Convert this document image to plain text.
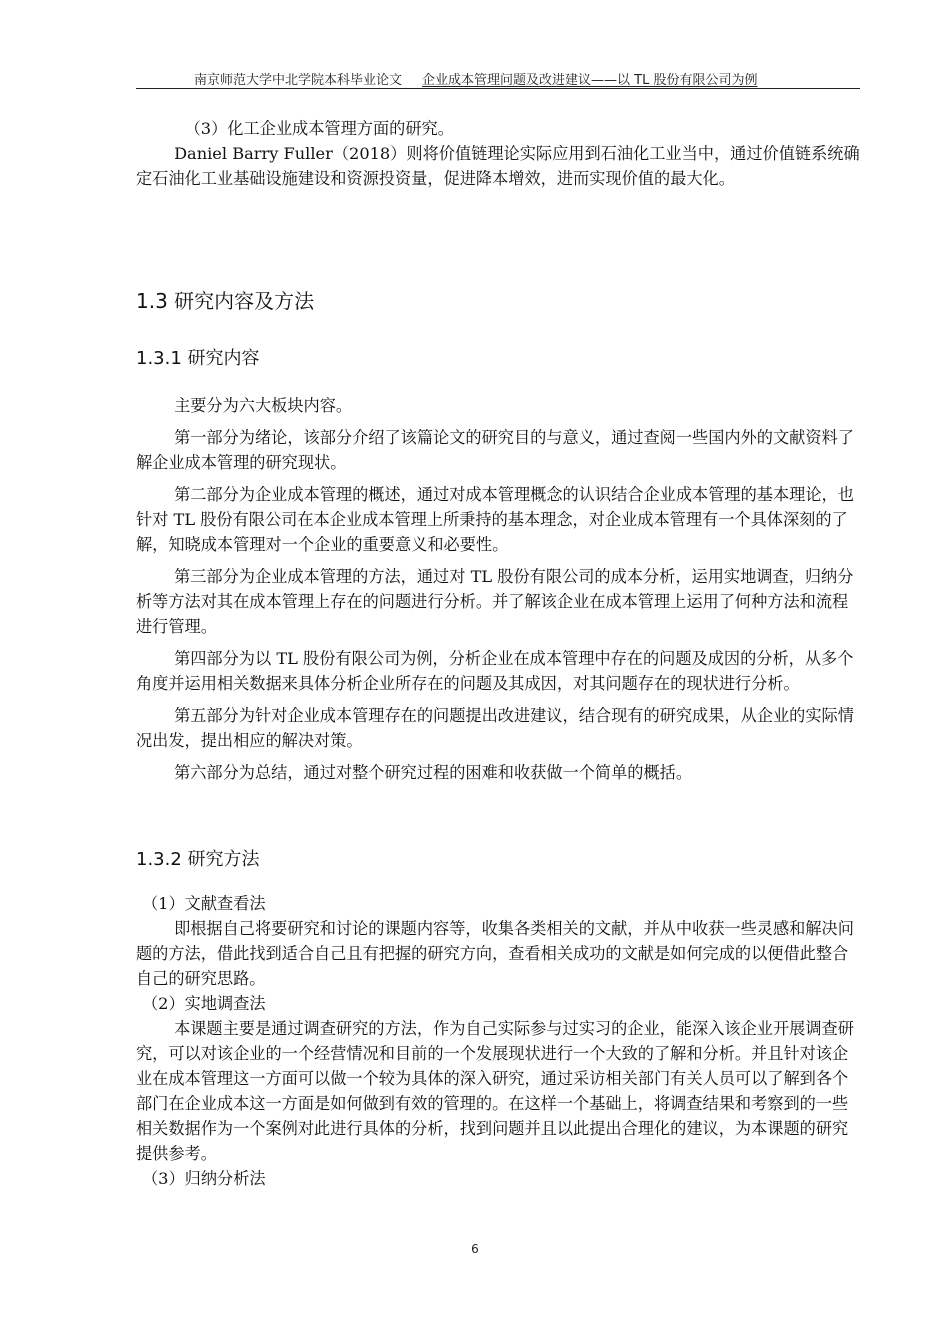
南京师范大学中北学院本科毕业论文 企业成本管理问题及改进建议——以 TL 股份有限公司为例

（3）化工企业成本管理方面的研究。

Daniel Barry Fuller（2018）则将价值链理论实际应用到石油化工业当中，通过价值链系统确定石油化工业基础设施建设和资源投资量，促进降本增效，进而实现价值的最大化。

1.3 研究内容及方法
1.3.1 研究内容

主要分为六大板块内容。

第一部分为绪论，该部分介绍了该篇论文的研究目的与意义，通过查阅一些国内外的文献资料了解企业成本管理的研究现状。

第二部分为企业成本管理的概述，通过对成本管理概念的认识结合企业成本管理的基本理论，也针对 TL 股份有限公司在本企业成本管理上所秉持的基本理念，对企业成本管理有一个具体深刻的了解，知晓成本管理对一个企业的重要意义和必要性。

第三部分为企业成本管理的方法，通过对 TL 股份有限公司的成本分析，运用实地调查，归纳分析等方法对其在成本管理上存在的问题进行分析。并了解该企业在成本管理上运用了何种方法和流程进行管理。

第四部分为以 TL 股份有限公司为例，分析企业在成本管理中存在的问题及成因的分析，从多个角度并运用相关数据来具体分析企业所存在的问题及其成因，对其问题存在的现状进行分析。

第五部分为针对企业成本管理存在的问题提出改进建议，结合现有的研究成果，从企业的实际情况出发，提出相应的解决对策。

第六部分为总结，通过对整个研究过程的困难和收获做一个简单的概括。

1.3.2 研究方法

（1）文献查看法

即根据自己将要研究和讨论的课题内容等，收集各类相关的文献，并从中收获一些灵感和解决问题的方法，借此找到适合自己且有把握的研究方向，查看相关成功的文献是如何完成的以便借此整合自己的研究思路。

（2）实地调查法

本课题主要是通过调查研究的方法，作为自己实际参与过实习的企业，能深入该企业开展调查研究，可以对该企业的一个经营情况和目前的一个发展现状进行一个大致的了解和分析。并且针对该企业在成本管理这一方面可以做一个较为具体的深入研究，通过采访相关部门有关人员可以了解到各个部门在企业成本这一方面是如何做到有效的管理的。在这样一个基础上，将调查结果和考察到的一些相关数据作为一个案例对此进行具体的分析，找到问题并且以此提出合理化的建议，为本课题的研究提供参考。

（3）归纳分析法

6
